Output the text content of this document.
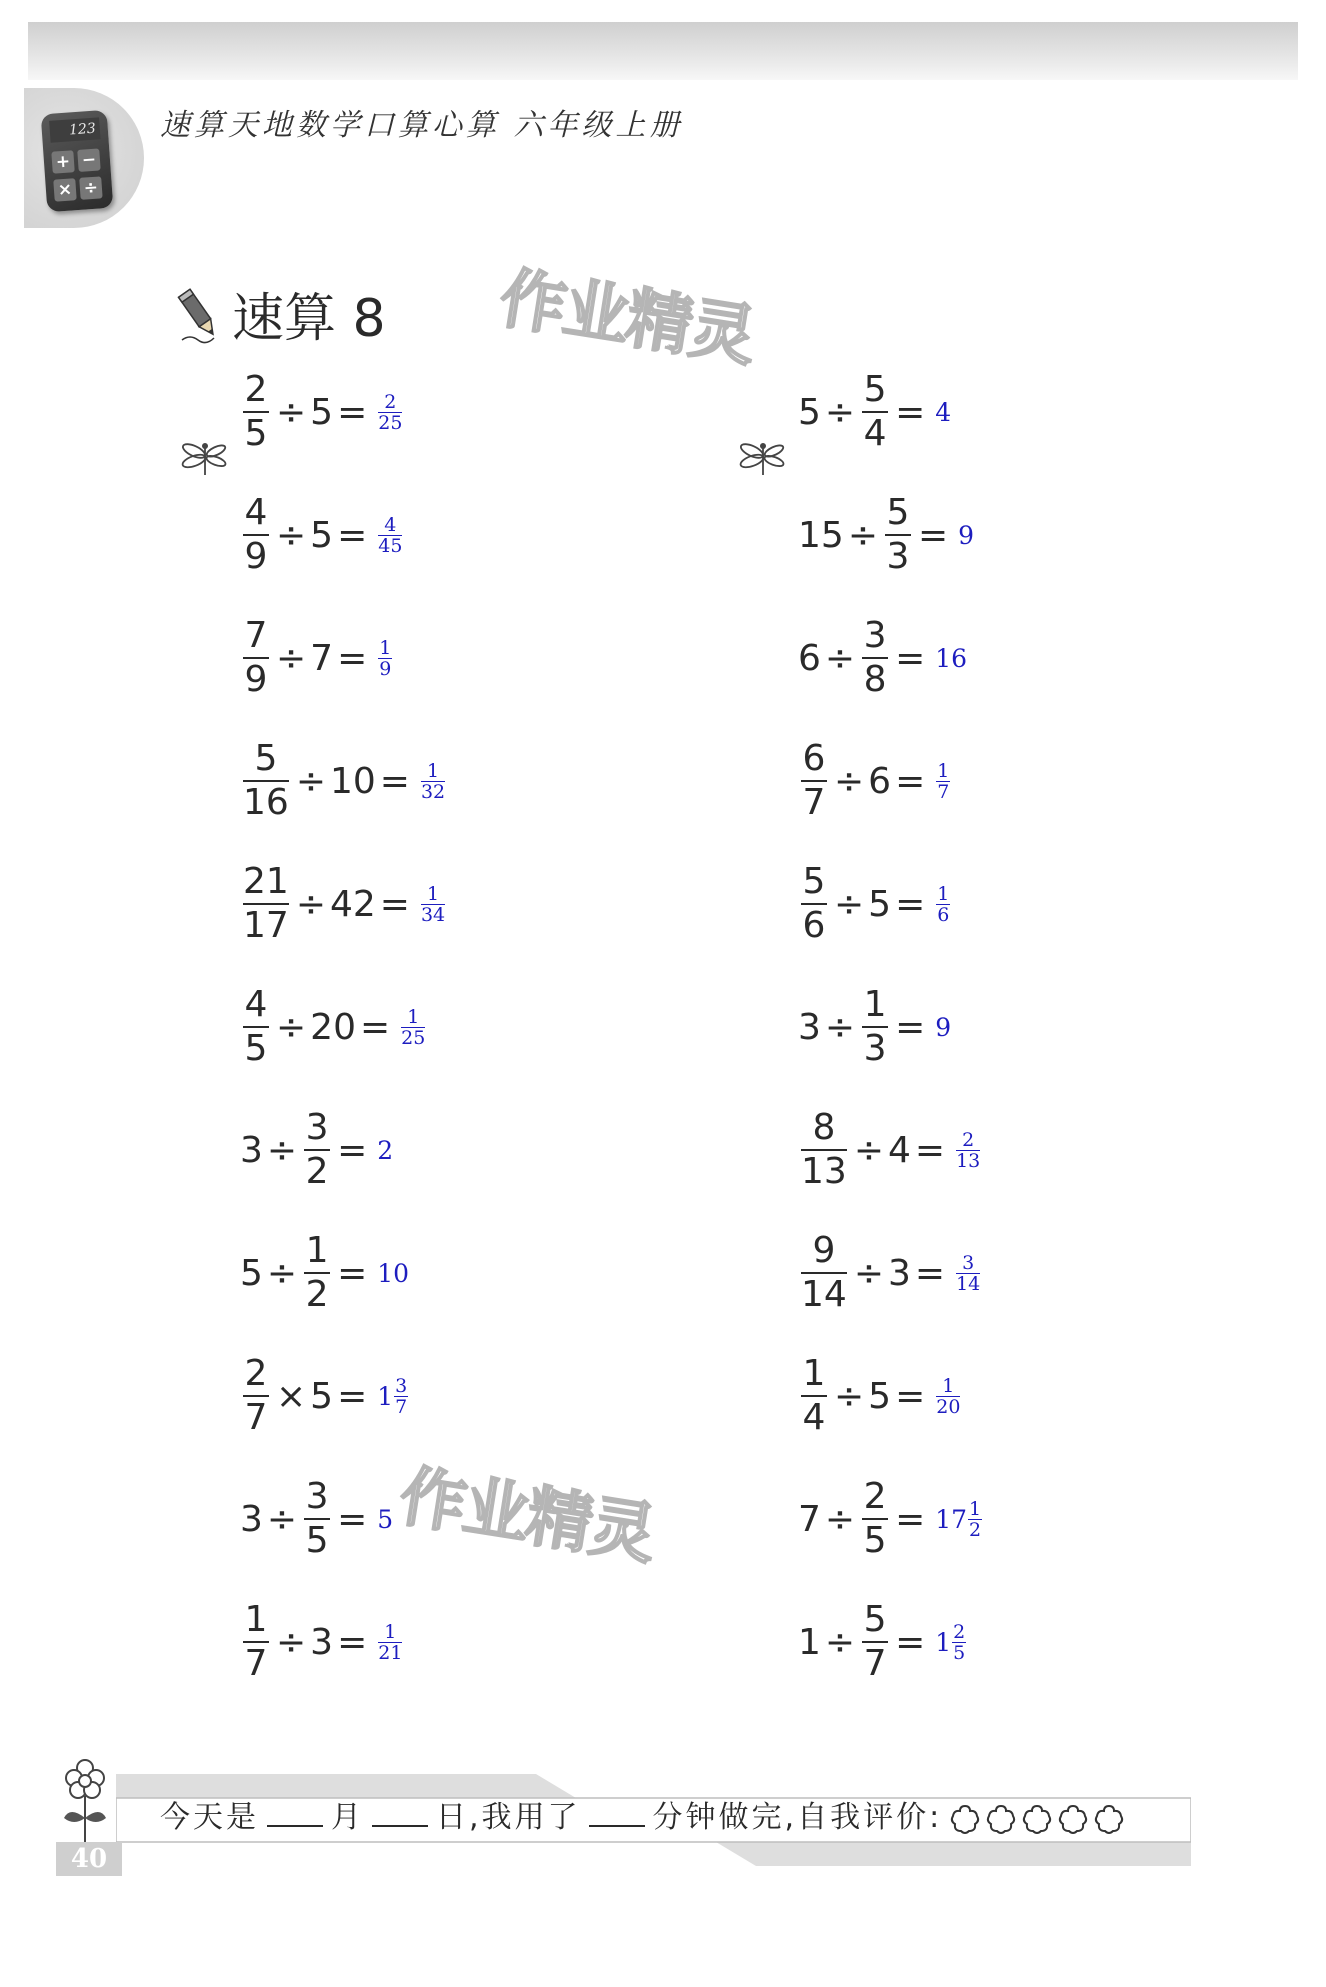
123
+ −
× ÷
速算天地数学口算心算 六年级上册
速算 8 作业精灵
作业精灵
$\frac{2}{5} \div 5 = 2$
25
$\frac{4}{9} \div 5 = 4$
45
$\frac{7}{9} \div 7 = 1$
9
$\frac{5}{16} \div 10 = 1$
32
$\frac{21}{17} \div 42 = 1$
34
$\frac{4}{5} \div 20 = 1$
25
$3 \div \frac{3}{2} = 2$
$5 \div \frac{1}{2} = 10$
$\frac{2}{7} \times 5 = 1$ 3
7
$3 \div \frac{3}{5} = 5$
$\frac{1}{7} \div 3 = 1$
21
$5 \div \frac{5}{4} = 4$
$15 \div \frac{5}{3} = 9$
$6 \div \frac{3}{8} = 16$
$\frac{6}{7} \div 6 = 1$
7
$\frac{5}{6} \div 5 = 1$
6
$3 \div \frac{1}{3} = 9$
$\frac{8}{13} \div 4 = 2$
13
$\frac{9}{14} \div 3 = 3$
14
$\frac{1}{4} \div 5 = 1$
20
$7 \div \frac{2}{5} = 17$ 1
2
$1 \div \frac{5}{7} = 1$ 2
5
今天是 月 日,我用了 分钟做完,自我评价:
40
